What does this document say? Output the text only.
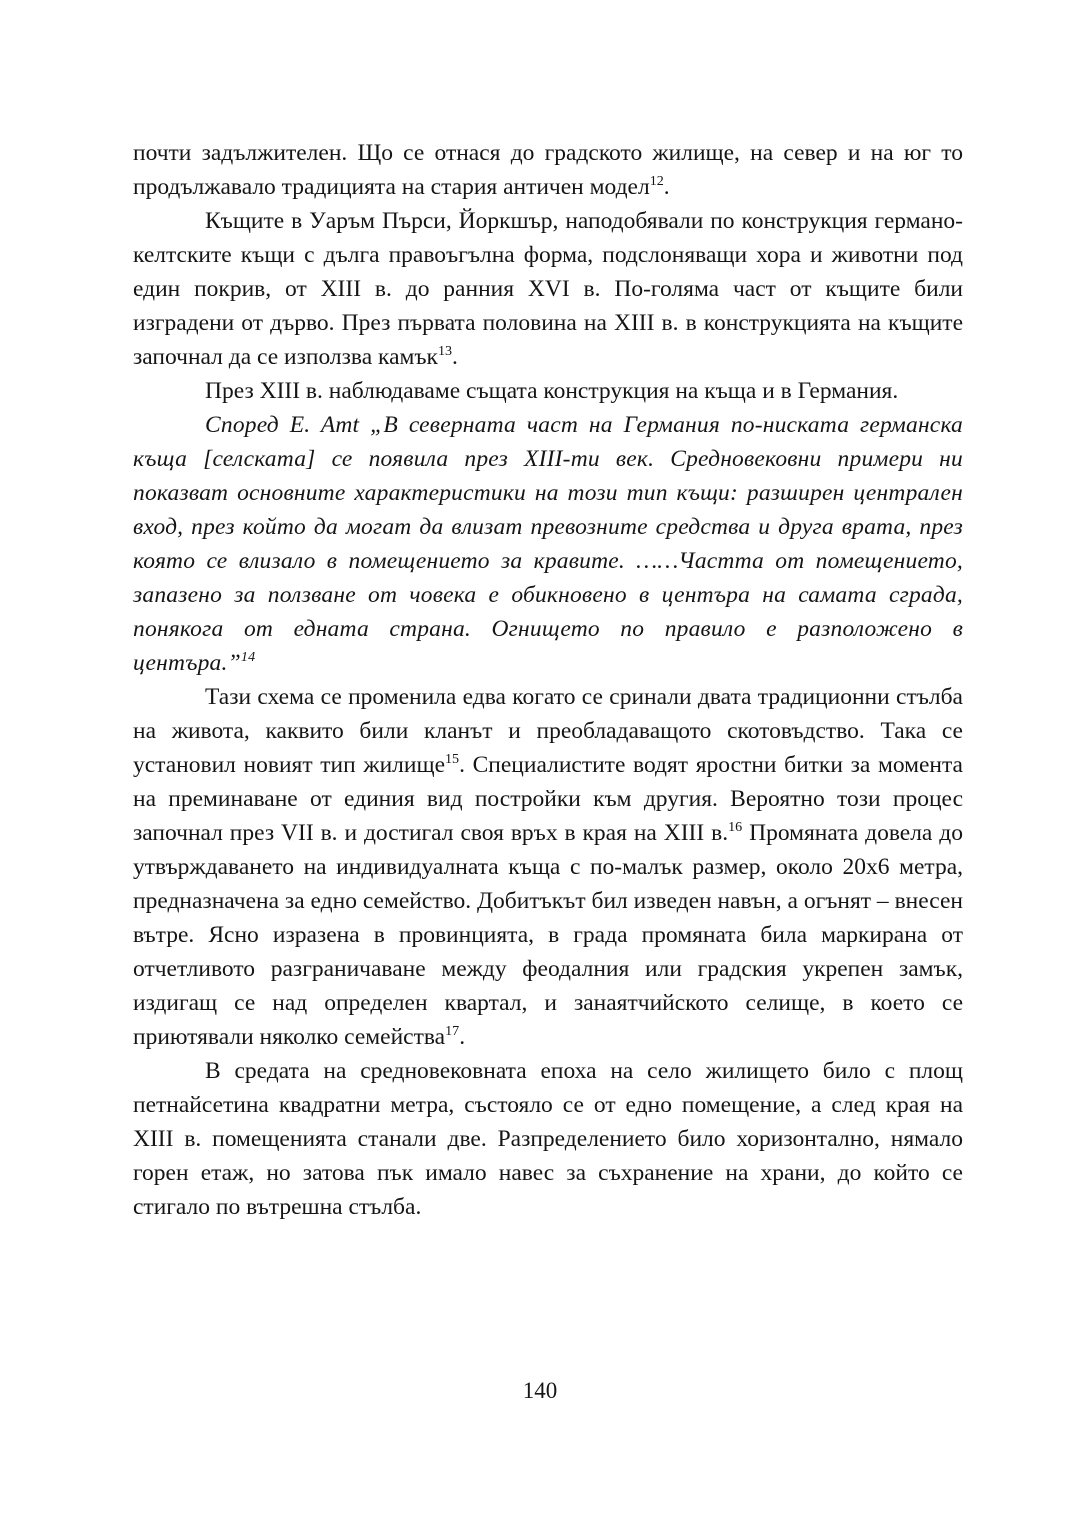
почти задължителен. Що се отнася до градското жилище, на север и на юг то продължавало традицията на стария античен модел$^{12}$.

Къщите в Уаръм Пърси, Йоркшър, наподобявали по конструкция германо-келтските къщи с дълга правоъгълна форма, подслоняващи хора и животни под един покрив, от XIII в. до ранния XVI в. По-голяма част от къщите били изградени от дърво. През първата половина на XIII в. в конструкцията на къщите започнал да се използва камък$^{13}$.

През XIII в. наблюдаваме същата конструкция на къща и в Германия.

Според E. Amt „В северната част на Германия по-ниската германска къща [селската] се появила през XIII-ти век. Средновековни примери ни показват основните характеристики на този тип къщи: разширен централен вход, през който да могат да влизат превозните средства и друга врата, през която се влизало в помещението за кравите. ……Частта от помещението, запазено за ползване от човека е обикновено в центъра на самата сграда, понякога от едната страна. Огнището по правило е разположено в центъра.”$^{14}$

Тази схема се променила едва когато се сринали двата традиционни стълба на живота, каквито били кланът и преобладаващото скотовъдство. Така се установил новият тип жилище$^{15}$. Специалистите водят яростни битки за момента на преминаване от единия вид постройки към другия. Вероятно този процес започнал през VII в. и достигал своя връх в края на XIII в.$^{16}$ Промяната довела до утвърждаването на индивидуалната къща с по-малък размер, около 20х6 метра, предназначена за едно семейство. Добитъкът бил изведен навън, а огънят – внесен вътре. Ясно изразена в провинцията, в града промяната била маркирана от отчетливото разграничаване между феодалния или градския укрепен замък, издигащ се над определен квартал, и занаятчийското селище, в което се приютявали няколко семейства$^{17}$.

В средата на средновековната епоха на село жилището било с площ петнайсетина квадратни метра, състояло се от едно помещение, а след края на XIII в. помещенията станали две. Разпределението било хоризонтално, нямало горен етаж, но затова пък имало навес за съхранение на храни, до който се стигало по вътрешна стълба.

140
